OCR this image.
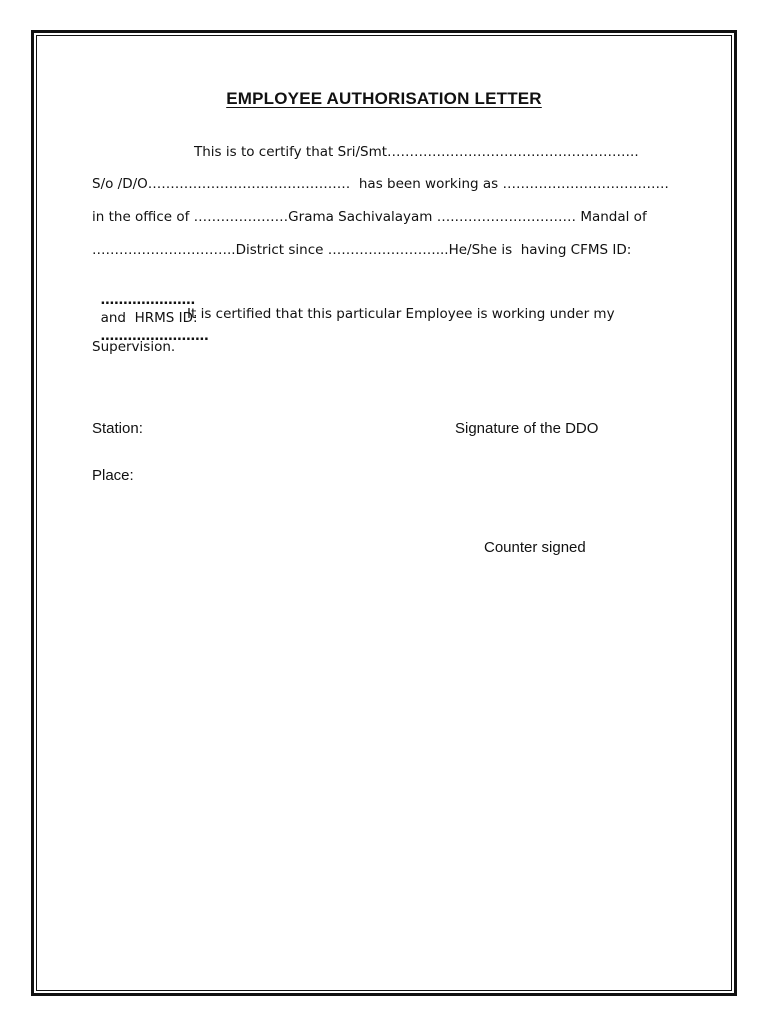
EMPLOYEE AUTHORISATION LETTER
This is to certify that Sri/Smt………………………………………………..
S/o /D/O………………………………………  has been working as ……………………………….
in the office of …………………Grama Sachivalayam ….……………………… Mandal of
…………………………..District since ……………………...He/She is  having CFMS ID:

…………………
and  HRMS ID:
……………………

It is certified that this particular Employee is working under my
Supervision.
Station:	Signature of the DDO
Place:
Counter signed
